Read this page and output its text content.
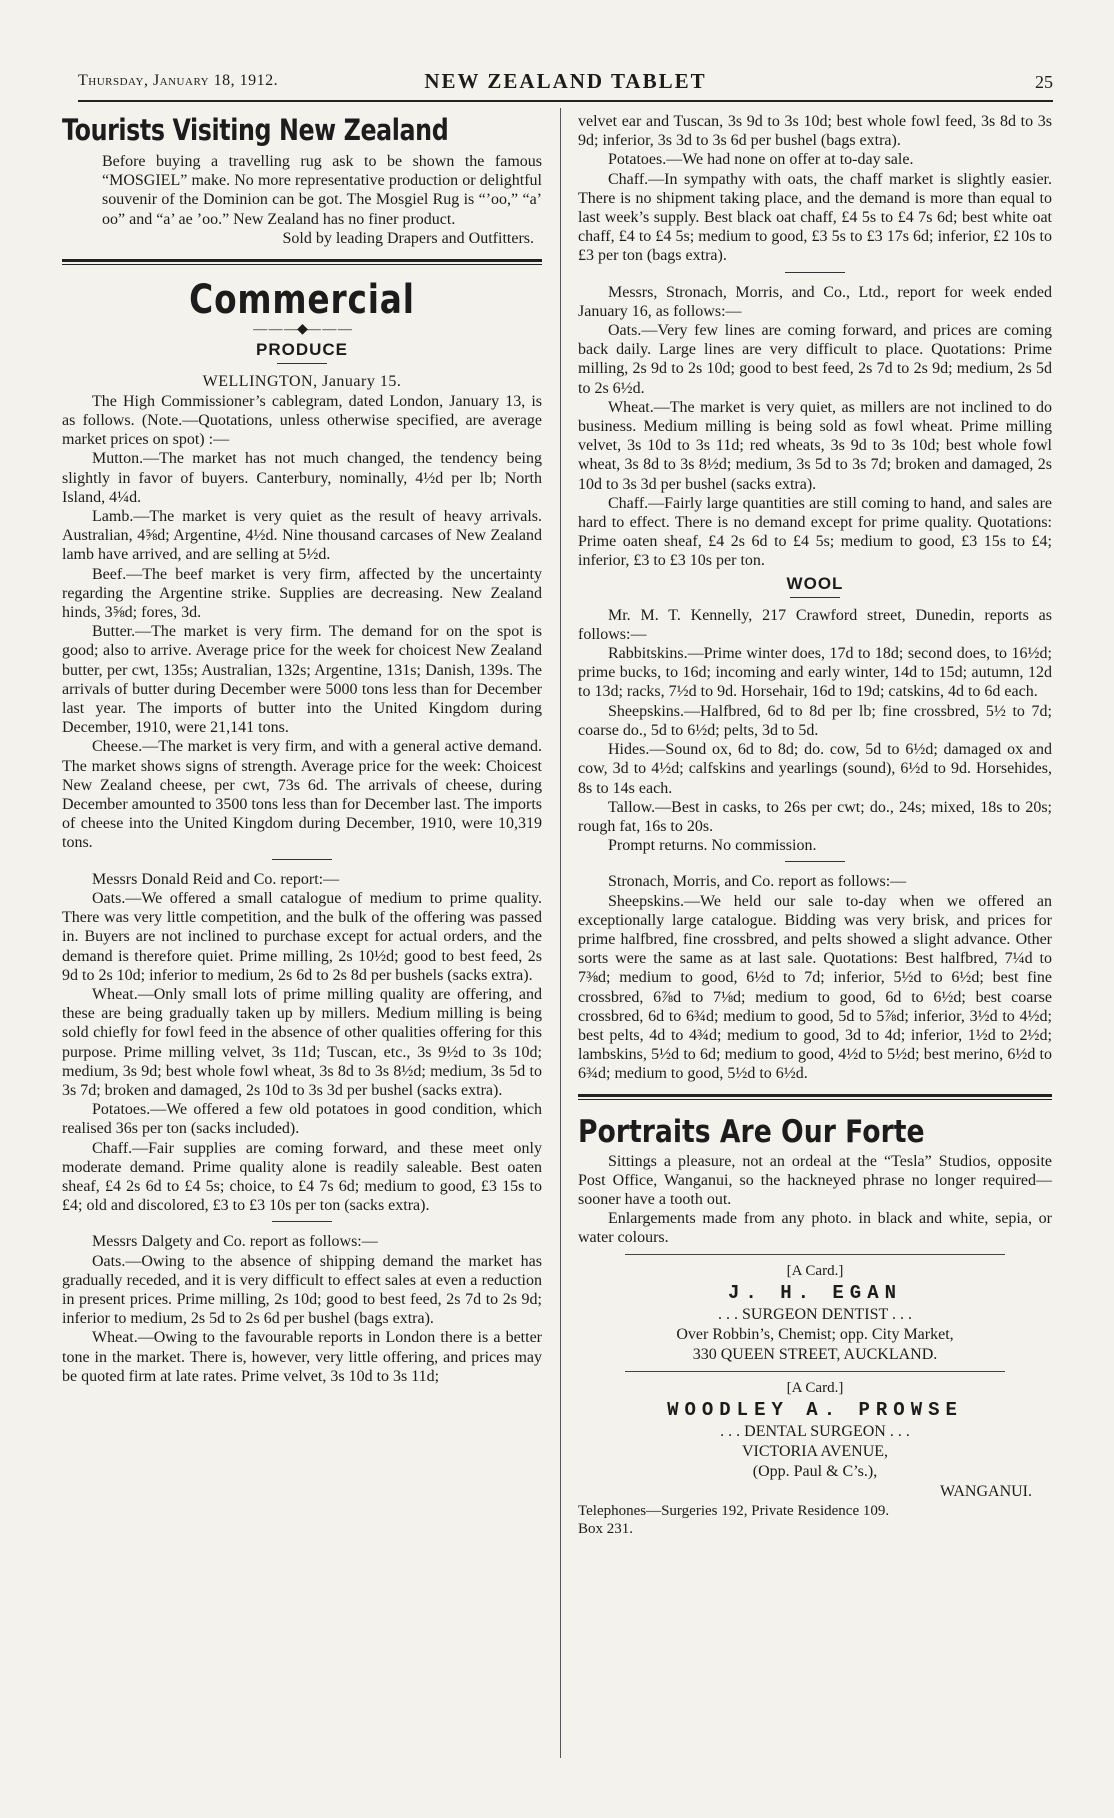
Thursday, January 18, 1912.	NEW ZEALAND TABLET	25
Tourists Visiting New Zealand

Before buying a travelling rug ask to be shown the famous “MOSGIEL” make. No more representative production or delightful souvenir of the Dominion can be got. The Mosgiel Rug is “’oo,” “a’ oo” and “a’ ae ’oo.” New Zealand has no finer product.

Sold by leading Drapers and Outfitters.
Commercial
— — —◆— — —
PRODUCE
WELLINGTON, January 15.

The High Commissioner’s cablegram, dated London, January 13, is as follows. (Note.—Quotations, unless otherwise specified, are average market prices on spot) :—

Mutton.—The market has not much changed, the tendency being slightly in favor of buyers. Canterbury, nominally, 4½d per lb; North Island, 4¼d.

Lamb.—The market is very quiet as the result of heavy arrivals. Australian, 4⅝d; Argentine, 4½d. Nine thousand carcases of New Zealand lamb have arrived, and are selling at 5½d.

Beef.—The beef market is very firm, affected by the uncertainty regarding the Argentine strike. Supplies are decreasing. New Zealand hinds, 3⅝d; fores, 3d.

Butter.—The market is very firm. The demand for on the spot is good; also to arrive. Average price for the week for choicest New Zealand butter, per cwt, 135s; Australian, 132s; Argentine, 131s; Danish, 139s. The arrivals of butter during December were 5000 tons less than for December last year. The imports of butter into the United Kingdom during December, 1910, were 21,141 tons.

Cheese.—The market is very firm, and with a general active demand. The market shows signs of strength. Average price for the week: Choicest New Zealand cheese, per cwt, 73s 6d. The arrivals of cheese, during December amounted to 3500 tons less than for December last. The imports of cheese into the United Kingdom during December, 1910, were 10,319 tons.

Messrs Donald Reid and Co. report:—

Oats.—We offered a small catalogue of medium to prime quality. There was very little competition, and the bulk of the offering was passed in. Buyers are not inclined to purchase except for actual orders, and the demand is therefore quiet. Prime milling, 2s 10½d; good to best feed, 2s 9d to 2s 10d; inferior to medium, 2s 6d to 2s 8d per bushels (sacks extra).

Wheat.—Only small lots of prime milling quality are offering, and these are being gradually taken up by millers. Medium milling is being sold chiefly for fowl feed in the absence of other qualities offering for this purpose. Prime milling velvet, 3s 11d; Tuscan, etc., 3s 9½d to 3s 10d; medium, 3s 9d; best whole fowl wheat, 3s 8d to 3s 8½d; medium, 3s 5d to 3s 7d; broken and damaged, 2s 10d to 3s 3d per bushel (sacks extra).

Potatoes.—We offered a few old potatoes in good condition, which realised 36s per ton (sacks included).

Chaff.—Fair supplies are coming forward, and these meet only moderate demand. Prime quality alone is readily saleable. Best oaten sheaf, £4 2s 6d to £4 5s; choice, to £4 7s 6d; medium to good, £3 15s to £4; old and discolored, £3 to £3 10s per ton (sacks extra).

Messrs Dalgety and Co. report as follows:—

Oats.—Owing to the absence of shipping demand the market has gradually receded, and it is very difficult to effect sales at even a reduction in present prices. Prime milling, 2s 10d; good to best feed, 2s 7d to 2s 9d; inferior to medium, 2s 5d to 2s 6d per bushel (bags extra).

Wheat.—Owing to the favourable reports in London there is a better tone in the market. There is, however, very little offering, and prices may be quoted firm at late rates. Prime velvet, 3s 10d to 3s 11d;

velvet ear and Tuscan, 3s 9d to 3s 10d; best whole fowl feed, 3s 8d to 3s 9d; inferior, 3s 3d to 3s 6d per bushel (bags extra).

Potatoes.—We had none on offer at to-day sale.

Chaff.—In sympathy with oats, the chaff market is slightly easier. There is no shipment taking place, and the demand is more than equal to last week’s supply. Best black oat chaff, £4 5s to £4 7s 6d; best white oat chaff, £4 to £4 5s; medium to good, £3 5s to £3 17s 6d; inferior, £2 10s to £3 per ton (bags extra).

Messrs, Stronach, Morris, and Co., Ltd., report for week ended January 16, as follows:—

Oats.—Very few lines are coming forward, and prices are coming back daily. Large lines are very difficult to place. Quotations: Prime milling, 2s 9d to 2s 10d; good to best feed, 2s 7d to 2s 9d; medium, 2s 5d to 2s 6½d.

Wheat.—The market is very quiet, as millers are not inclined to do business. Medium milling is being sold as fowl wheat. Prime milling velvet, 3s 10d to 3s 11d; red wheats, 3s 9d to 3s 10d; best whole fowl wheat, 3s 8d to 3s 8½d; medium, 3s 5d to 3s 7d; broken and damaged, 2s 10d to 3s 3d per bushel (sacks extra).

Chaff.—Fairly large quantities are still coming to hand, and sales are hard to effect. There is no demand except for prime quality. Quotations: Prime oaten sheaf, £4 2s 6d to £4 5s; medium to good, £3 15s to £4; inferior, £3 to £3 10s per ton.

WOOL

Mr. M. T. Kennelly, 217 Crawford street, Dunedin, reports as follows:—

Rabbitskins.—Prime winter does, 17d to 18d; second does, to 16½d; prime bucks, to 16d; incoming and early winter, 14d to 15d; autumn, 12d to 13d; racks, 7½d to 9d. Horsehair, 16d to 19d; catskins, 4d to 6d each.

Sheepskins.—Halfbred, 6d to 8d per lb; fine crossbred, 5½ to 7d; coarse do., 5d to 6½d; pelts, 3d to 5d.

Hides.—Sound ox, 6d to 8d; do. cow, 5d to 6½d; damaged ox and cow, 3d to 4½d; calfskins and yearlings (sound), 6½d to 9d. Horsehides, 8s to 14s each.

Tallow.—Best in casks, to 26s per cwt; do., 24s; mixed, 18s to 20s; rough fat, 16s to 20s.

Prompt returns. No commission.

Stronach, Morris, and Co. report as follows:—

Sheepskins.—We held our sale to-day when we offered an exceptionally large catalogue. Bidding was very brisk, and prices for prime halfbred, fine crossbred, and pelts showed a slight advance. Other sorts were the same as at last sale. Quotations: Best halfbred, 7¼d to 7⅜d; medium to good, 6½d to 7d; inferior, 5½d to 6½d; best fine crossbred, 6⅞d to 7⅛d; medium to good, 6d to 6½d; best coarse crossbred, 6d to 6¾d; medium to good, 5d to 5⅞d; inferior, 3½d to 4½d; best pelts, 4d to 4¾d; medium to good, 3d to 4d; inferior, 1½d to 2½d; lambskins, 5½d to 6d; medium to good, 4½d to 5½d; best merino, 6½d to 6¾d; medium to good, 5½d to 6½d.

Portraits Are Our Forte

Sittings a pleasure, not an ordeal at the “Tesla” Studios, opposite Post Office, Wanganui, so the hackneyed phrase no longer required—sooner have a tooth out.

Enlargements made from any photo. in black and white, sepia, or water colours.

[A Card.]
J. H. EGAN
. . . SURGEON DENTIST . . .
Over Robbin’s, Chemist; opp. City Market,
330 QUEEN STREET, AUCKLAND.
[A Card.]
WOODLEY A. PROWSE
. . . DENTAL SURGEON . . .
VICTORIA AVENUE,
(Opp. Paul & C’s.),
WANGANUI.
Telephones—Surgeries 192, Private Residence 109.
Box 231.
